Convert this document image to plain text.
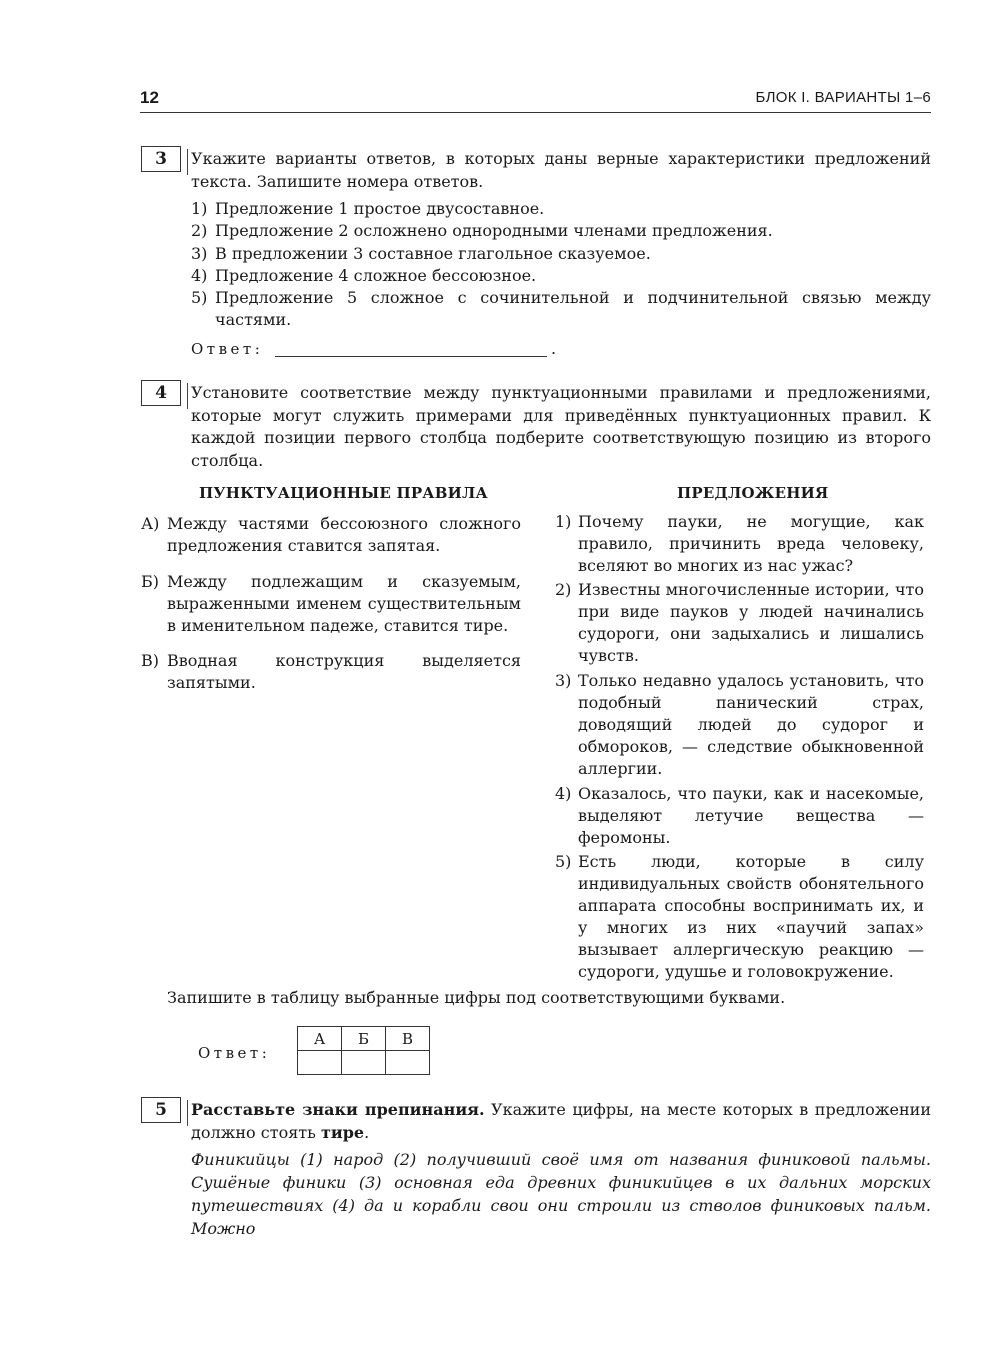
12	БЛОК I. ВАРИАНТЫ 1–6
3	Укажите варианты ответов, в которых даны верные характеристики предложений текста. Запишите номера ответов.

1) Предложение 1 простое двусоставное.
2) Предложение 2 осложнено однородными членами предложения.
3) В предложении 3 составное глагольное сказуемое.
4) Предложение 4 сложное бессоюзное.
5) Предложение 5 сложное с сочинительной и подчинительной связью между частями.
Ответ:	.
4	Установите соответствие между пунктуационными правилами и предложениями, которые могут служить примерами для приведённых пунктуационных правил. К каждой позиции первого столбца подберите соответствующую позицию из второго столбца.

ПУНКТУАЦИОННЫЕ ПРАВИЛА	ПРЕДЛОЖЕНИЯ
А) Между частями бессоюзного сложного предложения ставится запятая.
Б) Между подлежащим и сказуемым, выраженными именем существительным в именительном падеже, ставится тире.
В) Вводная конструкция выделяется запятыми.
1) Почему пауки, не могущие, как правило, причинить вреда человеку, вселяют во многих из нас ужас?
2) Известны многочисленные истории, что при виде пауков у людей начинались судороги, они задыхались и лишались чувств.
3) Только недавно удалось установить, что подобный панический страх, доводящий людей до судорог и обмороков, — следствие обыкновенной аллергии.
4) Оказалось, что пауки, как и насекомые, выделяют летучие вещества — феромоны.
5) Есть люди, которые в силу индивидуальных свойств обонятельного аппарата способны воспринимать их, и у многих из них «паучий запах» вызывает аллергическую реакцию — судороги, удушье и головокружение.
Запишите в таблицу выбранные цифры под соответствующими буквами.
Ответ:
А	Б	В

5	Расставьте знаки препинания. Укажите цифры, на месте которых в предложении должно стоять тире.

Финикийцы (1) народ (2) получивший своё имя от названия финиковой пальмы. Сушёные финики (3) основная еда древних финикийцев в их дальних морских путешествиях (4) да и корабли свои они строили из стволов финиковых пальм. Можно
